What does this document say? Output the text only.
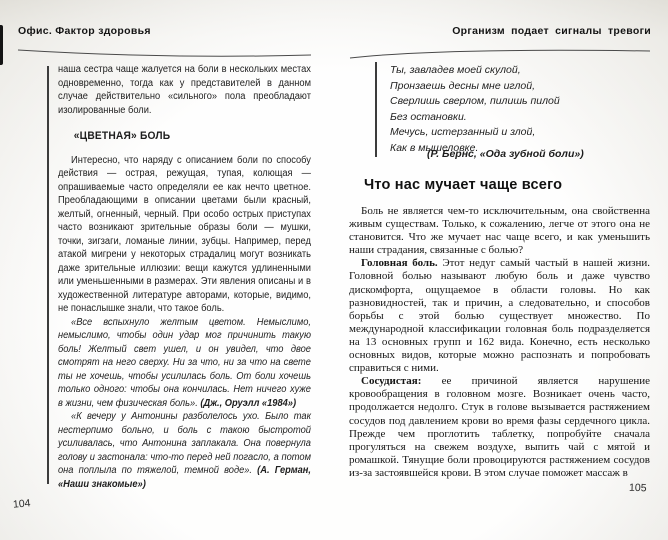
Офис. Фактор здоровья

наша сестра чаще жалуется на боли в нескольких местах одновременно, тогда как у представителей в данном случае действительно «сильного» пола преобладают изолированные боли.

«ЦВЕТНАЯ» БОЛЬ

Интересно, что наряду с описанием боли по способу действия — острая, режущая, тупая, колющая — опрашиваемые часто определяли ее как нечто цветное. Преобладающими в описании цветами были красный, желтый, огненный, черный. При особо острых приступах часто возникают зрительные образы боли — мушки, точки, зигзаги, ломаные линии, зубцы. Например, перед атакой мигрени у некоторых страдалиц могут возникать даже зрительные иллюзии: вещи кажутся удлиненными или уменьшенными в размерах. Эти явления описаны и в художественной литературе авторами, которые, видимо, не понаслышке знали, что такое боль.

«Все вспыхнуло желтым цветом. Немыслимо, немыслимо, чтобы один удар мог причинить такую боль! Желтый свет ушел, и он увидел, что двое смотрят на него сверху. Ни за что, ни за что на свете ты не хочешь, чтобы усилилась боль. От боли хочешь только одного: чтобы она кончилась. Нет ничего хуже в жизни, чем физическая боль». (Дж., Оруэлл «1984»)

«К вечеру у Антонины разболелось ухо. Было так нестерпимо больно, и боль с такою быстротой усиливалась, что Антонина заплакала. Она повернула голову и застонала: что-то перед ней погасло, а потом она поплыла по тяжелой, темной воде». (А. Герман, «Наши знакомые»)

104
Организм подает сигналы тревоги
Ты, завладев моей скулой,
Пронзаешь десны мне иглой,
Сверлишь сверлом, пилишь пилой
Без остановки.
Мечусь, истерзанный и злой,
Как в мышеловке.
(Р. Бернс, «Ода зубной боли»)
Что нас мучает чаще всего

Боль не является чем-то исключительным, она свойственна живым существам. Только, к сожалению, легче от этого она не становится. Что же мучает нас чаще всего, и как уменьшить наши страдания, связанные с болью?

Головная боль. Этот недуг самый частый в нашей жизни. Головной болью называют любую боль и даже чувство дискомфорта, ощущаемое в области головы. Но как разновидностей, так и причин, а следовательно, и способов борьбы с этой болью существует множество. По международной классификации головная боль подразделяется на 13 основных групп и 162 вида. Конечно, есть несколько основных видов, которые можно распознать и попробовать справиться с ними.

Сосудистая: ее причиной является нарушение кровообращения в головном мозге. Возникает очень часто, продолжается недолго. Стук в голове вызывается растяжением сосудов под давлением крови во время фазы сердечного цикла. Прежде чем проглотить таблетку, попробуйте сначала прогуляться на свежем воздухе, выпить чай с мятой и ромашкой. Тянущие боли провоцируются растяжением сосудов из-за застоявшейся крови. В этом случае поможет массаж в

105
